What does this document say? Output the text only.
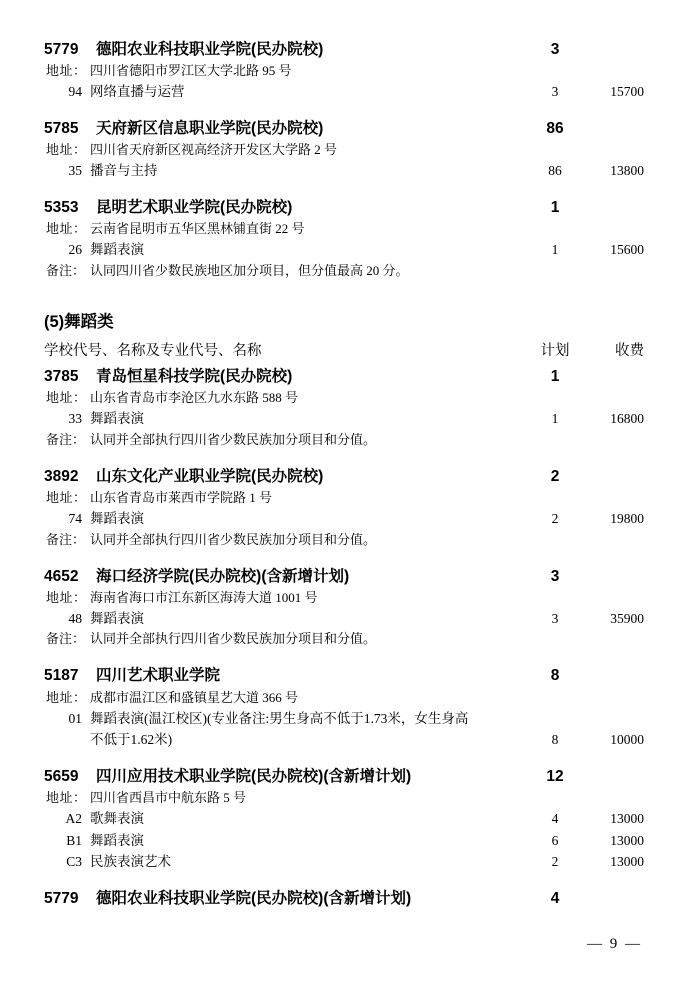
5779	德阳农业科技职业学院(民办院校)	3
地址： 四川省德阳市罗江区大学北路 95 号
94 网络直播与运营	3	15700
5785	天府新区信息职业学院(民办院校)	86
地址： 四川省天府新区视高经济开发区大学路 2 号
35 播音与主持	86	13800
5353	昆明艺术职业学院(民办院校)	1
地址： 云南省昆明市五华区黑林铺直街 22 号
26 舞蹈表演	1	15600
备注： 认同四川省少数民族地区加分项目，但分值最高 20 分。
(5)舞蹈类
学校代号、名称及专业代号、名称	计划	收费
3785	青岛恒星科技学院(民办院校)	1
地址： 山东省青岛市李沧区九水东路 588 号
33 舞蹈表演	1	16800
备注： 认同并全部执行四川省少数民族加分项目和分值。
3892	山东文化产业职业学院(民办院校)	2
地址： 山东省青岛市莱西市学院路 1 号
74 舞蹈表演	2	19800
备注： 认同并全部执行四川省少数民族加分项目和分值。
4652	海口经济学院(民办院校)(含新增计划)	3
地址： 海南省海口市江东新区海涛大道 1001 号
48 舞蹈表演	3	35900
备注： 认同并全部执行四川省少数民族加分项目和分值。
5187	四川艺术职业学院	8
地址： 成都市温江区和盛镇星艺大道 366 号
01 舞蹈表演(温江校区)(专业备注:男生身高不低于1.73米，女生身高
不低于1.62米)	8	10000
5659	四川应用技术职业学院(民办院校)(含新增计划)	12
地址： 四川省西昌市中航东路 5 号
A2 歌舞表演	4	13000
B1 舞蹈表演	6	13000
C3 民族表演艺术	2	13000
5779	德阳农业科技职业学院(民办院校)(含新增计划)	4
— 9 —
